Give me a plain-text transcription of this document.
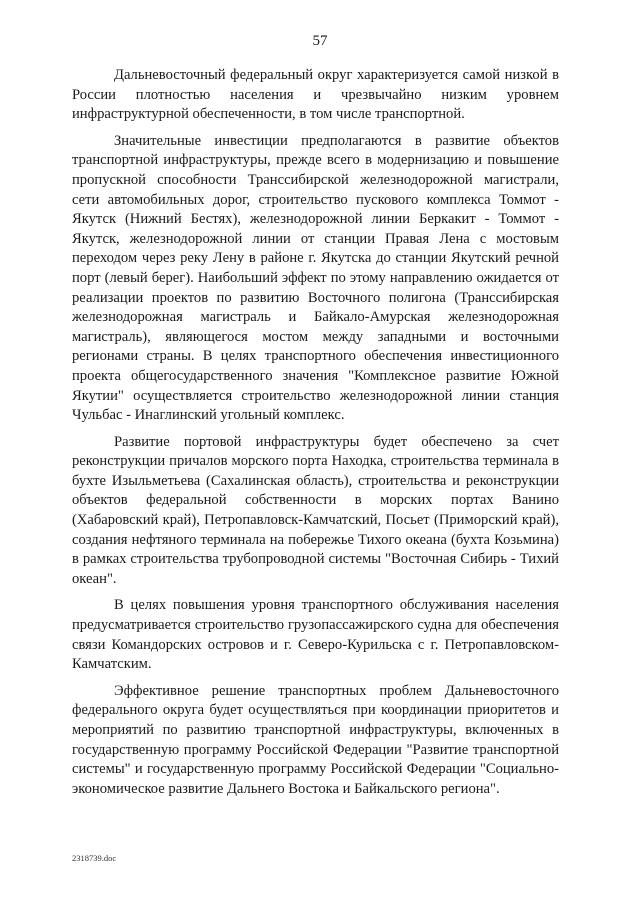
57

Дальневосточный федеральный округ характеризуется самой низкой в России плотностью населения и чрезвычайно низким уровнем инфраструктурной обеспеченности, в том числе транспортной.

Значительные инвестиции предполагаются в развитие объектов транспортной инфраструктуры, прежде всего в модернизацию и повышение пропускной способности Транссибирской железнодорожной магистрали, сети автомобильных дорог, строительство пускового комплекса Томмот - Якутск (Нижний Бестях), железнодорожной линии Беркакит - Томмот - Якутск, железнодорожной линии от станции Правая Лена с мостовым переходом через реку Лену в районе г. Якутска до станции Якутский речной порт (левый берег). Наибольший эффект по этому направлению ожидается от реализации проектов по развитию Восточного полигона (Транссибирская железнодорожная магистраль и Байкало-Амурская железнодорожная магистраль), являющегося мостом между западными и восточными регионами страны. В целях транспортного обеспечения инвестиционного проекта общегосударственного значения "Комплексное развитие Южной Якутии" осуществляется строительство железнодорожной линии станция Чульбас - Инаглинский угольный комплекс.

Развитие портовой инфраструктуры будет обеспечено за счет реконструкции причалов морского порта Находка, строительства терминала в бухте Изыльметьева (Сахалинская область), строительства и реконструкции объектов федеральной собственности в морских портах Ванино (Хабаровский край), Петропавловск-Камчатский, Посьет (Приморский край), создания нефтяного терминала на побережье Тихого океана (бухта Козьмина) в рамках строительства трубопроводной системы "Восточная Сибирь - Тихий океан".

В целях повышения уровня транспортного обслуживания населения предусматривается строительство грузопассажирского судна для обеспечения связи Командорских островов и г. Северо-Курильска с г. Петропавловском-Камчатским.

Эффективное решение транспортных проблем Дальневосточного федерального округа будет осуществляться при координации приоритетов и мероприятий по развитию транспортной инфраструктуры, включенных в государственную программу Российской Федерации "Развитие транспортной системы" и государственную программу Российской Федерации "Социально-экономическое развитие Дальнего Востока и Байкальского региона".

2318739.doc
